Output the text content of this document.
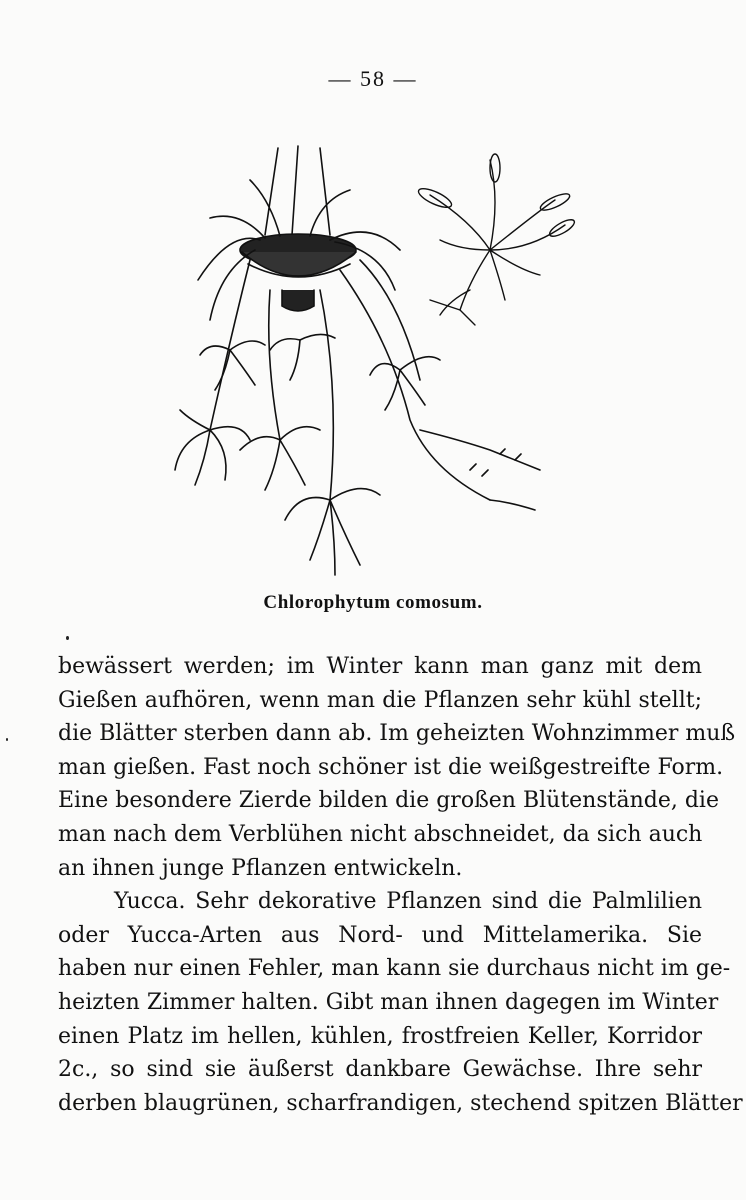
— 58 —
Chlorophytum comosum.
bewässert werden; im Winter kann man ganz mit dem
Gießen aufhören, wenn man die Pflanzen sehr kühl stellt;
die Blätter sterben dann ab. Im geheizten Wohnzimmer muß
man gießen. Fast noch schöner ist die weißgestreifte Form.
Eine besondere Zierde bilden die großen Blütenstände, die
man nach dem Verblühen nicht abschneidet, da sich auch
an ihnen junge Pflanzen entwickeln.
Yucca. Sehr dekorative Pflanzen sind die Palmlilien
oder Yucca-Arten aus Nord- und Mittelamerika. Sie
haben nur einen Fehler, man kann sie durchaus nicht im ge-
heizten Zimmer halten. Gibt man ihnen dagegen im Winter
einen Platz im hellen, kühlen, frostfreien Keller, Korridor
2c., so sind sie äußerst dankbare Gewächse. Ihre sehr
derben blaugrünen, scharfrandigen, stechend spitzen Blätter
